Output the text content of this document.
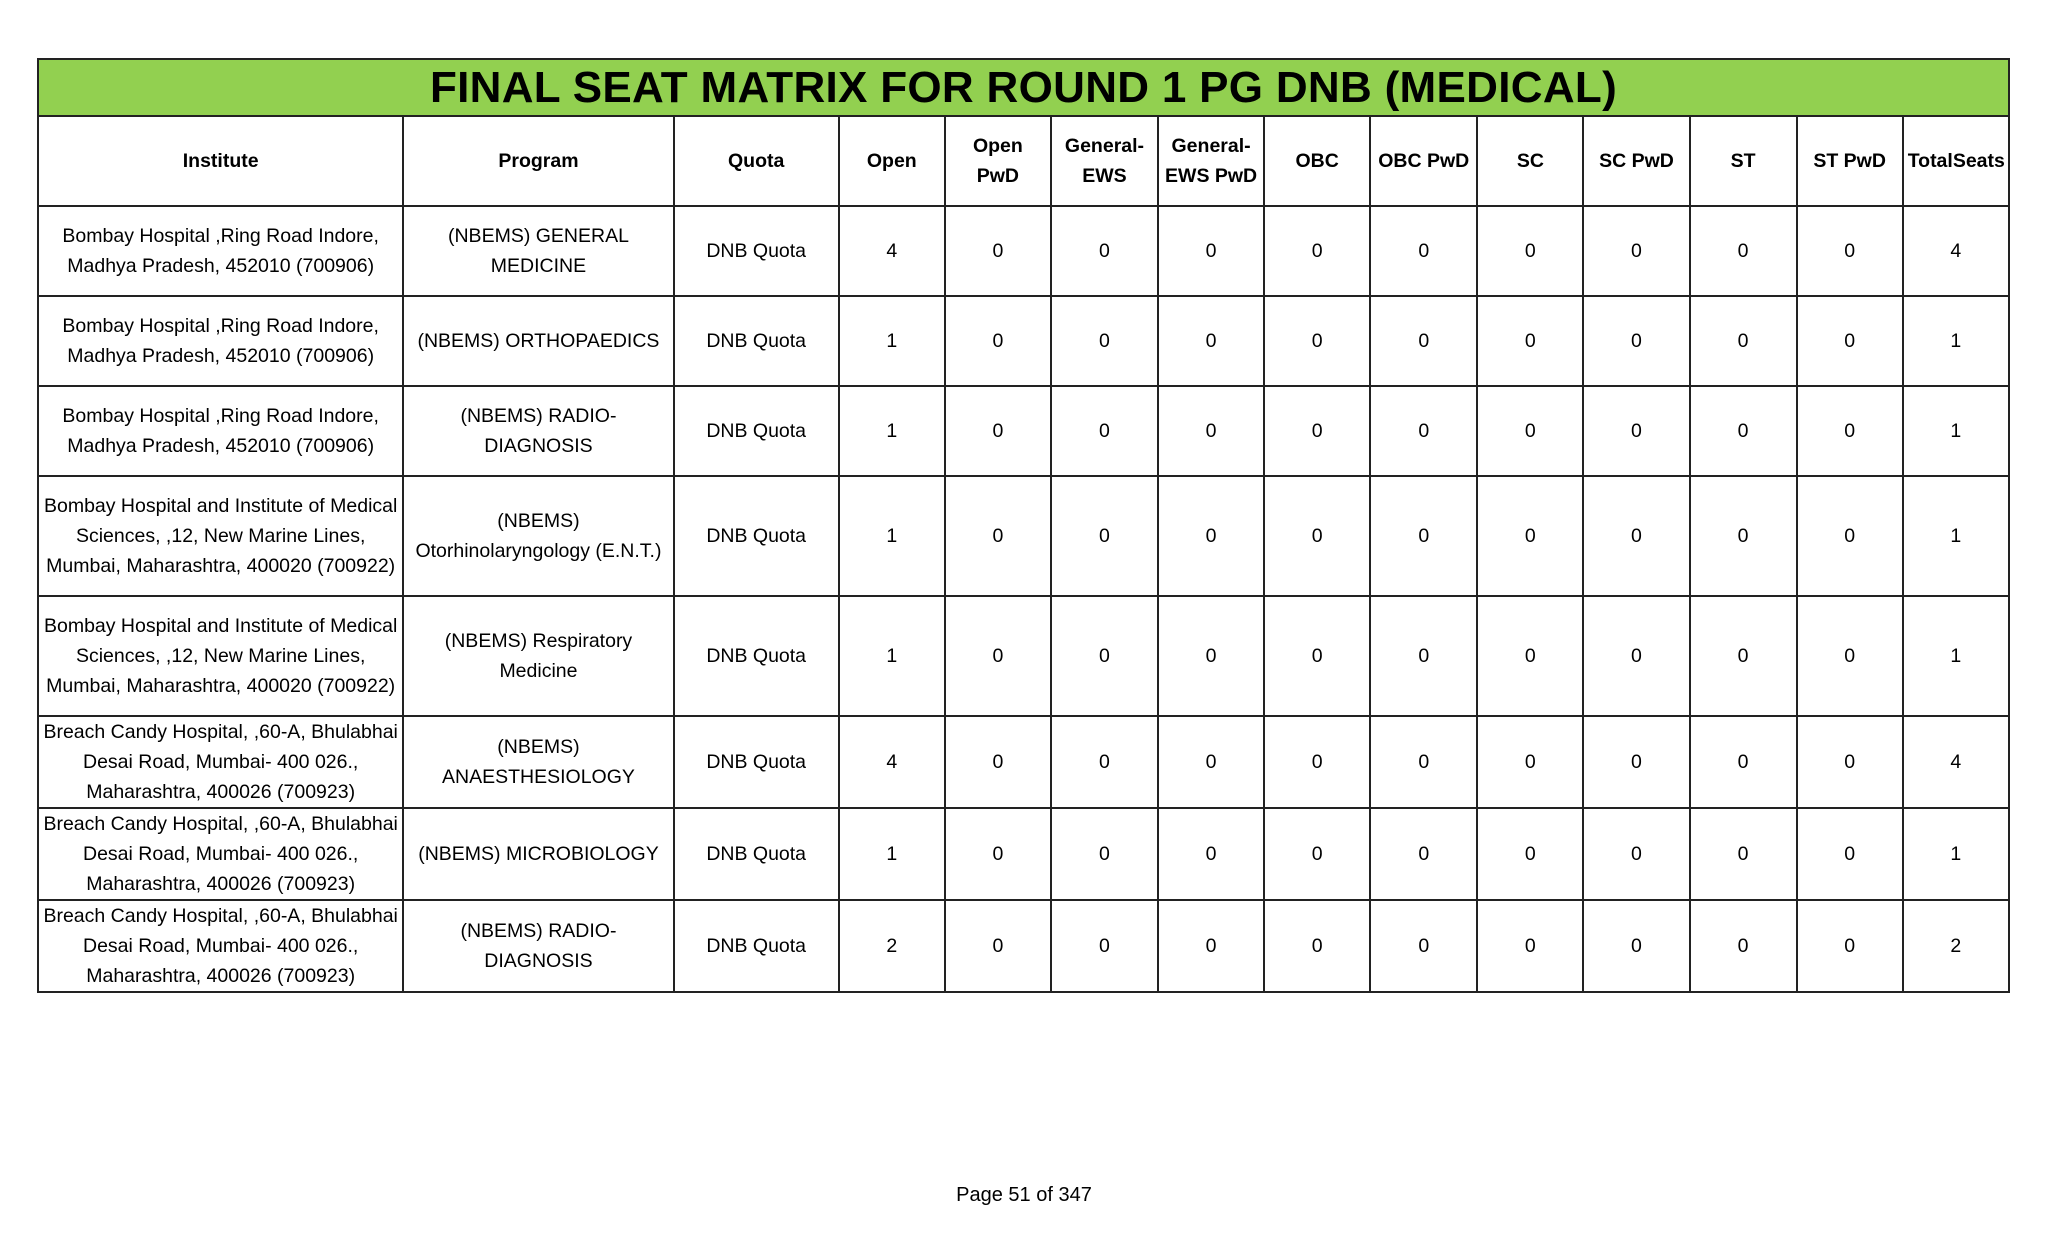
FINAL SEAT MATRIX FOR ROUND 1 PG DNB (MEDICAL)													
Institute	Program	Quota	Open	Open PwD	General-EWS	General-EWS PwD	OBC	OBC PwD	SC	SC PwD	ST	ST PwD	TotalSeats
Bombay Hospital ,Ring Road Indore, Madhya Pradesh, 452010 (700906)	(NBEMS) GENERAL MEDICINE	DNB Quota	4	0	0	0	0	0	0	0	0	0	4
Bombay Hospital ,Ring Road Indore, Madhya Pradesh, 452010 (700906)	(NBEMS) ORTHOPAEDICS	DNB Quota	1	0	0	0	0	0	0	0	0	0	1
Bombay Hospital ,Ring Road Indore, Madhya Pradesh, 452010 (700906)	(NBEMS) RADIO-DIAGNOSIS	DNB Quota	1	0	0	0	0	0	0	0	0	0	1
Bombay Hospital and Institute of Medical Sciences, ,12, New Marine Lines, Mumbai, Maharashtra, 400020 (700922)	(NBEMS) Otorhinolaryngology (E.N.T.)	DNB Quota	1	0	0	0	0	0	0	0	0	0	1
Bombay Hospital and Institute of Medical Sciences, ,12, New Marine Lines, Mumbai, Maharashtra, 400020 (700922)	(NBEMS) Respiratory Medicine	DNB Quota	1	0	0	0	0	0	0	0	0	0	1
Breach Candy Hospital, ,60-A, Bhulabhai Desai Road, Mumbai- 400 026., Maharashtra, 400026 (700923)	(NBEMS) ANAESTHESIOLOGY	DNB Quota	4	0	0	0	0	0	0	0	0	0	4
Breach Candy Hospital, ,60-A, Bhulabhai Desai Road, Mumbai- 400 026., Maharashtra, 400026 (700923)	(NBEMS) MICROBIOLOGY	DNB Quota	1	0	0	0	0	0	0	0	0	0	1
Breach Candy Hospital, ,60-A, Bhulabhai Desai Road, Mumbai- 400 026., Maharashtra, 400026 (700923)	(NBEMS) RADIO-DIAGNOSIS	DNB Quota	2	0	0	0	0	0	0	0	0	0	2
Page 51 of 347
